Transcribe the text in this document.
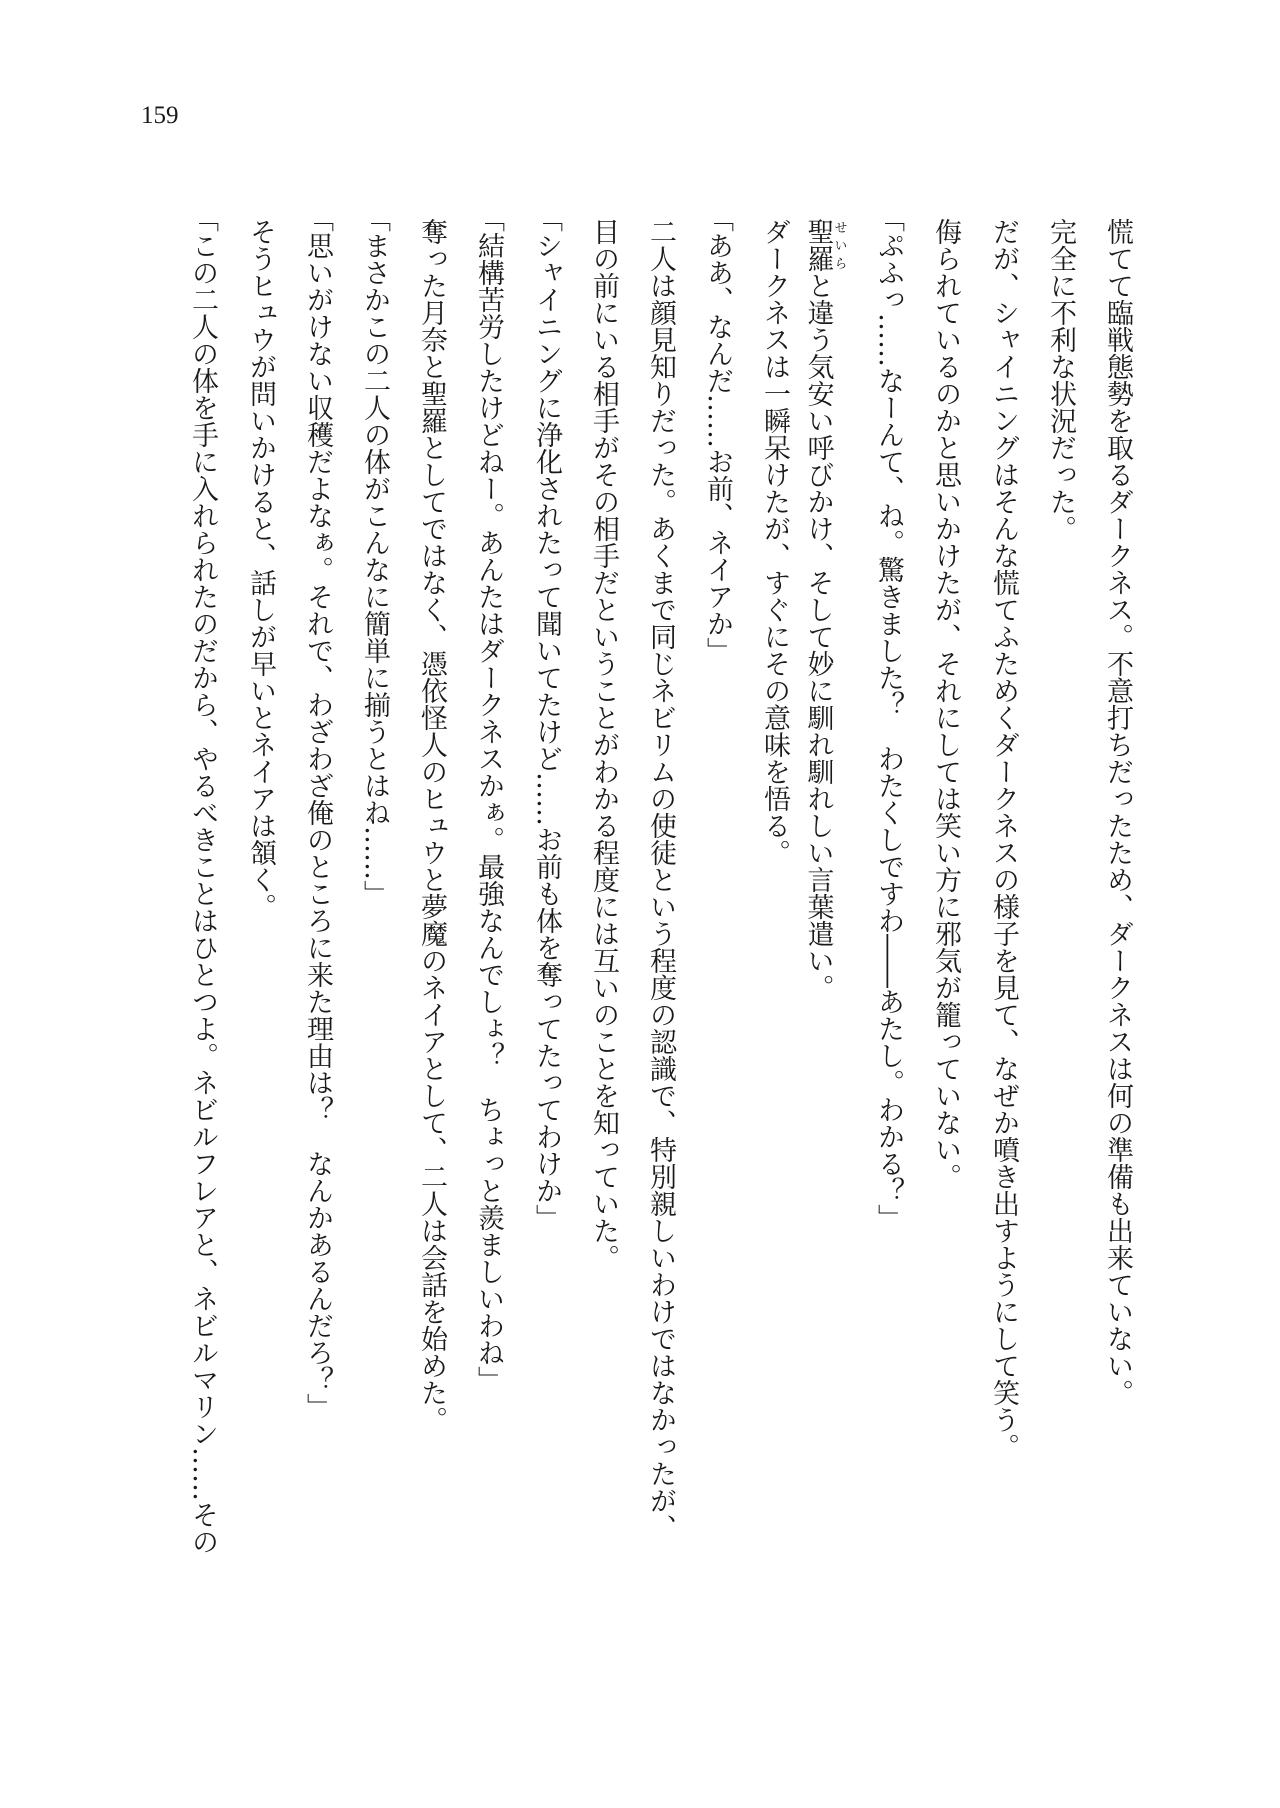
159
慌てて臨戦態勢を取るダークネス。不意打ちだったため、ダークネスは何の準備も出来ていない。
完全に不利な状況だった。
だが、シャイニングはそんな慌てふためくダークネスの様子を見て、なぜか噴き出すようにして笑う。
侮られているのかと思いかけたが、それにしては笑い方に邪気が籠っていない。
「ぷふっ……なーんて、ね。驚きました？　わたくしですわ――あたし。わかる？」
聖羅せいらと違う気安い呼びかけ、そして妙に馴れ馴れしい言葉遣い。
ダークネスは一瞬呆けたが、すぐにその意味を悟る。
「ああ、なんだ……お前、ネイアか」
二人は顔見知りだった。あくまで同じネビリムの使徒という程度の認識で、特別親しいわけではなかったが、
目の前にいる相手がその相手だということがわかる程度には互いのことを知っていた。
「シャイニングに浄化されたって聞いてたけど……お前も体を奪ってたってわけか」
「結構苦労したけどねー。あんたはダークネスかぁ。最強なんでしょ？　ちょっと羨ましいわね」
奪った月奈と聖羅としてではなく、憑依怪人のヒュウと夢魔のネイアとして、二人は会話を始めた。
「まさかこの二人の体がこんなに簡単に揃うとはね……」
「思いがけない収穫だよなぁ。それで、わざわざ俺のところに来た理由は？　なんかあるんだろ？」
そうヒュウが問いかけると、話しが早いとネイアは頷く。
「この二人の体を手に入れられたのだから、やるべきことはひとつよ。ネビルフレアと、ネビルマリン……その
